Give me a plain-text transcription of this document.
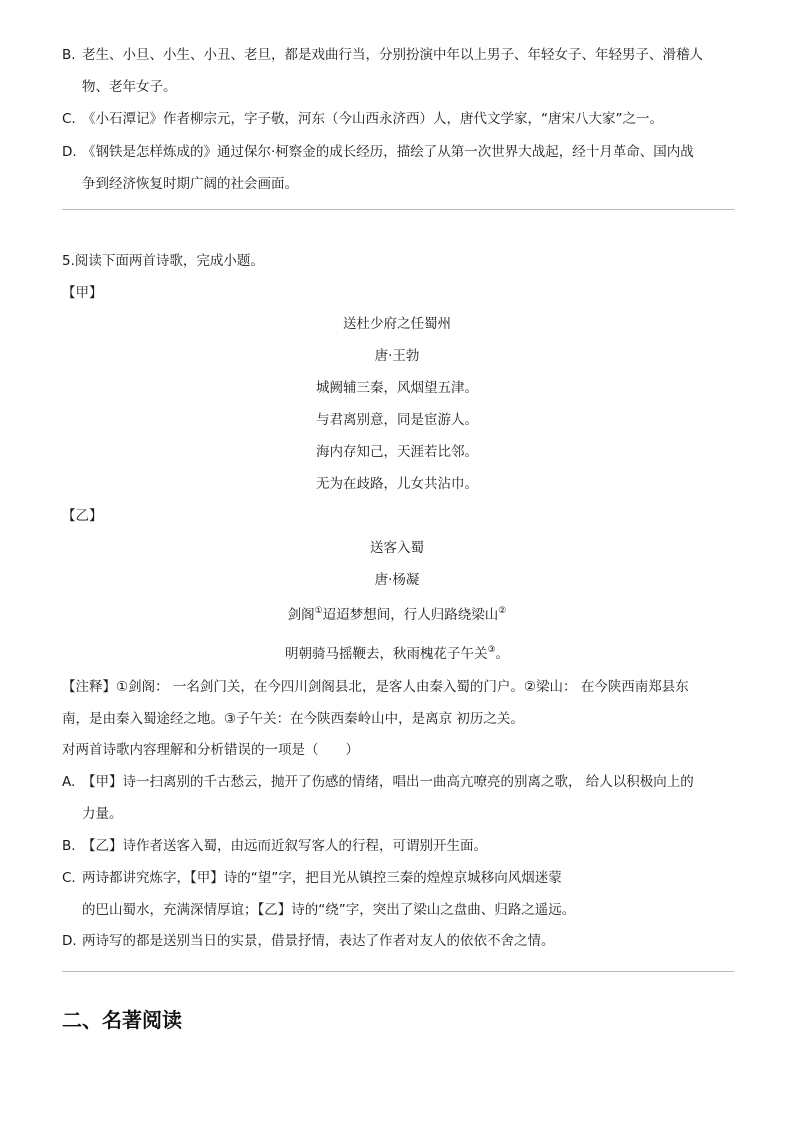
B. 老生、小旦、小生、小丑、老旦，都是戏曲行当，分别扮演中年以上男子、年轻女子、年轻男子、滑稽人
物、老年女子。
C. 《小石潭记》作者柳宗元，字子敬，河东（今山西永济西）人，唐代文学家，“唐宋八大家”之一。
D. 《钢铁是怎样炼成的》通过保尔·柯察金的成长经历，描绘了从第一次世界大战起，经十月革命、国内战
争到经济恢复时期广阔的社会画面。
5.阅读下面两首诗歌，完成小题。
【甲】
送杜少府之任蜀州
唐·王勃
城阙辅三秦，风烟望五津。
与君离别意，同是宦游人。
海内存知己，天涯若比邻。
无为在歧路，儿女共沾巾。
【乙】
送客入蜀
唐·杨凝
剑阁①迢迢梦想间，行人归路绕梁山②
明朝骑马摇鞭去，秋雨槐花子午关③。
【注释】①剑阁： 一名剑门关，在今四川剑阁县北，是客人由秦入蜀的门户。②梁山： 在今陕西南郑县东
南，是由秦入蜀途经之地。③子午关：在今陕西秦岭山中，是离京 初历之关。
对两首诗歌内容理解和分析错误的一项是（　　）
A. 【甲】诗一扫离别的千古愁云，抛开了伤感的情绪，唱出一曲高亢嘹亮的别离之歌， 给人以积极向上的
力量。
B. 【乙】诗作者送客入蜀，由远而近叙写客人的行程，可谓别开生面。
C. 两诗都讲究炼字，【甲】诗的“望”字，把目光从镇控三秦的煌煌京城移向风烟迷蒙
的巴山蜀水，充满深情厚谊；【乙】诗的“绕”字，突出了梁山之盘曲、归路之遥远。
D. 两诗写的都是送别当日的实景，借景抒情，表达了作者对友人的依依不舍之情。
二、名著阅读
